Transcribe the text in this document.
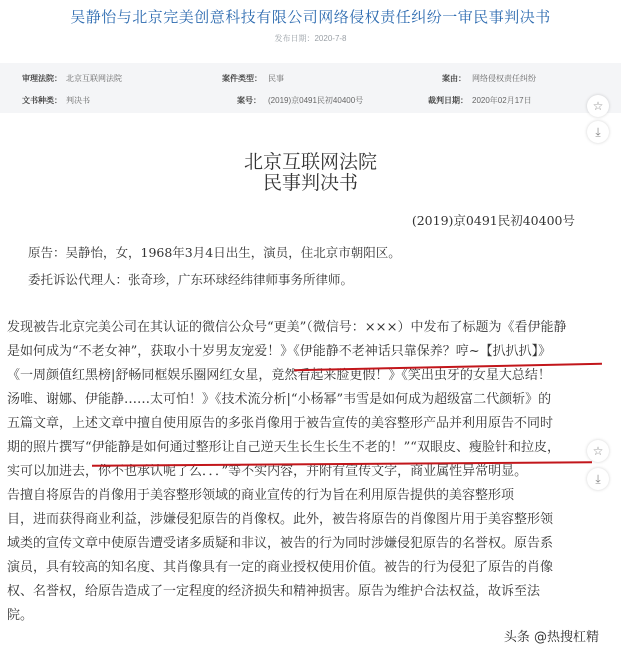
吴静怡与北京完美创意科技有限公司网络侵权责任纠纷一审民事判决书
发布日期：2020-7-8
审理法院： 北京互联网法院	案件类型： 民事	案由： 网络侵权责任纠纷
文书种类： 判决书	案号： (2019)京0491民初40400号	裁判日期： 2020年02月17日	☆
⤓
☆
⤓
北京互联网法院
民事判决书
(2019)京0491民初40400号
原告：吴静怡，女，1968年3月4日出生，演员，住北京市朝阳区。
委托诉讼代理人：张奇珍，广东环球经纬律师事务所律师。
发现被告北京完美公司在其认证的微信公众号“更美”（微信号：×××）中发布了标题为《看伊能静
是如何成为“不老女神”，获取小十岁男友宠爱！》《伊能静不老神话只靠保养？哼~【扒扒扒】》
《一周颜值红黑榜|舒畅同框娱乐圈网红女星，竟然看起来脸更假！》《笑出虫牙的女星大总结！
汤唯、谢娜、伊能静……太可怕！》《技术流分析|“小杨幂”韦雪是如何成为超级富二代颜斩》的
五篇文章，上述文章中擅自使用原告的多张肖像用于被告宣传的美容整形产品并利用原告不同时
期的照片撰写“伊能静是如何通过整形让自己逆天生长生长生不老的！”“双眼皮、瘦脸针和拉皮，
实可以加进去，你不也承认呢了么．．．”等不实内容，并附有宣传文字，商业属性异常明显。
告擅自将原告的肖像用于美容整形领域的商业宣传的行为旨在利用原告提供的美容整形项
目，进而获得商业利益，涉嫌侵犯原告的肖像权。此外，被告将原告的肖像图片用于美容整形领
域类的宣传文章中使原告遭受诸多质疑和非议，被告的行为同时涉嫌侵犯原告的名誉权。原告系
演员，具有较高的知名度、其肖像具有一定的商业授权使用价值。被告的行为侵犯了原告的肖像
权、名誉权，给原告造成了一定程度的经济损失和精神损害。原告为维护合法权益，故诉至法
院。
头条 @热搜杠精
